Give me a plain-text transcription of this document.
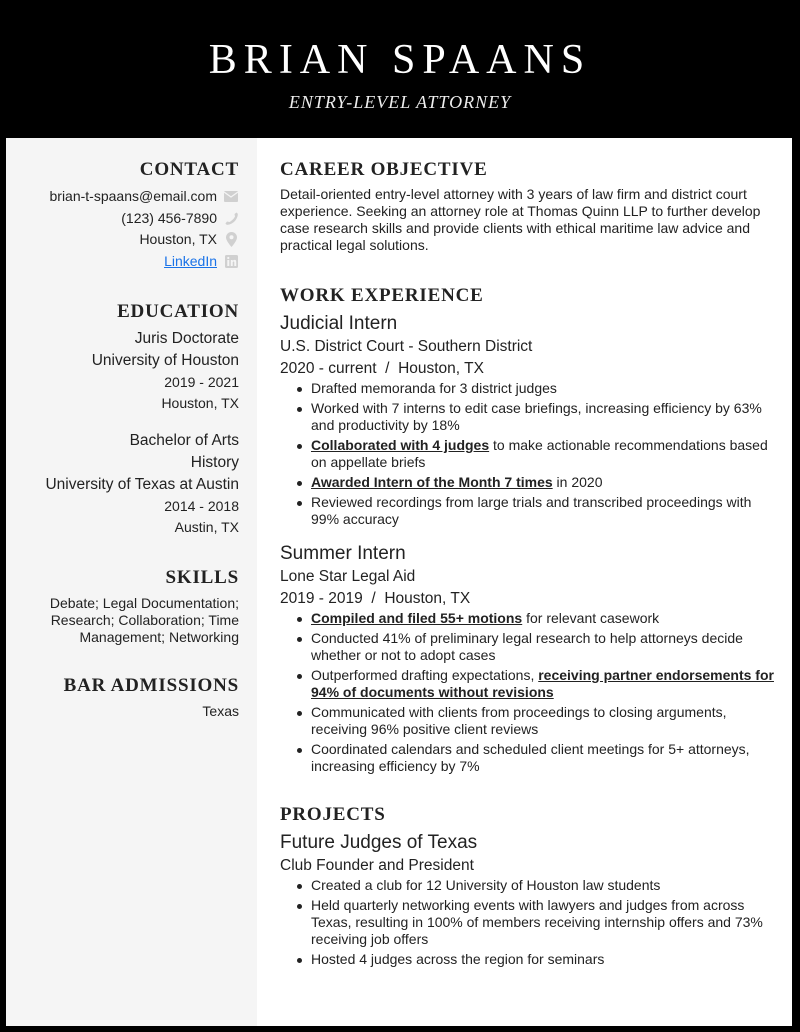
BRIAN SPAANS
ENTRY-LEVEL ATTORNEY
CONTACT
brian-t-spaans@email.com
(123) 456-7890
Houston, TX
LinkedIn
EDUCATION
Juris Doctorate
University of Houston
2019 - 2021
Houston, TX
Bachelor of Arts
History
University of Texas at Austin
2014 - 2018
Austin, TX
SKILLS
Debate; Legal Documentation; Research; Collaboration; Time Management; Networking
BAR ADMISSIONS
Texas
CAREER OBJECTIVE
Detail-oriented entry-level attorney with 3 years of law firm and district court experience. Seeking an attorney role at Thomas Quinn LLP to further develop case research skills and provide clients with ethical maritime law advice and practical legal solutions.
WORK EXPERIENCE
Judicial Intern
U.S. District Court - Southern District
2020 - current / Houston, TX
Drafted memoranda for 3 district judges
Worked with 7 interns to edit case briefings, increasing efficiency by 63% and productivity by 18%
Collaborated with 4 judges to make actionable recommendations based on appellate briefs
Awarded Intern of the Month 7 times in 2020
Reviewed recordings from large trials and transcribed proceedings with 99% accuracy
Summer Intern
Lone Star Legal Aid
2019 - 2019 / Houston, TX
Compiled and filed 55+ motions for relevant casework
Conducted 41% of preliminary legal research to help attorneys decide whether or not to adopt cases
Outperformed drafting expectations, receiving partner endorsements for 94% of documents without revisions
Communicated with clients from proceedings to closing arguments, receiving 96% positive client reviews
Coordinated calendars and scheduled client meetings for 5+ attorneys, increasing efficiency by 7%
PROJECTS
Future Judges of Texas
Club Founder and President
Created a club for 12 University of Houston law students
Held quarterly networking events with lawyers and judges from across Texas, resulting in 100% of members receiving internship offers and 73% receiving job offers
Hosted 4 judges across the region for seminars
